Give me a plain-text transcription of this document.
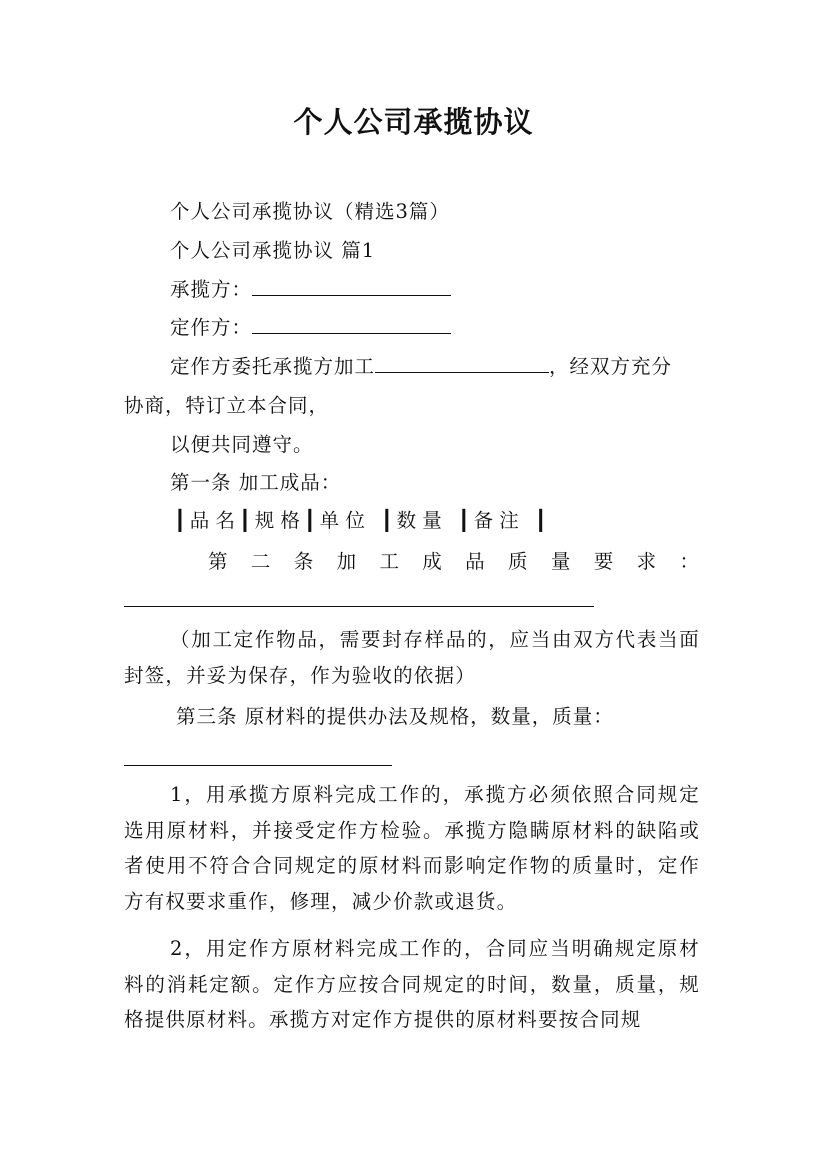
个人公司承揽协议
个人公司承揽协议（精选3篇）
个人公司承揽协议 篇1
承揽方：
定作方：
定作方委托承揽方加工	，经双方充分
协商，特订立本合同，
以便共同遵守。
第一条 加工成品：
┃ 品 名 ┃ 规 格 ┃ 单 位 ┃ 数 量 ┃ 备 注 ┃
第 二 条 加 工 成 品 质 量 要 求 ：
（加工定作物品，需要封存样品的，应当由双方代表当面封签，并妥为保存，作为验收的依据）
第三条 原材料的提供办法及规格，数量，质量：
1，用承揽方原料完成工作的，承揽方必须依照合同规定选用原材料，并接受定作方检验。承揽方隐瞒原材料的缺陷或者使用不符合合同规定的原材料而影响定作物的质量时，定作方有权要求重作，修理，减少价款或退货。
2，用定作方原材料完成工作的，合同应当明确规定原材料的消耗定额。定作方应按合同规定的时间，数量，质量，规格提供原材料。承揽方对定作方提供的原材料要按合同规
